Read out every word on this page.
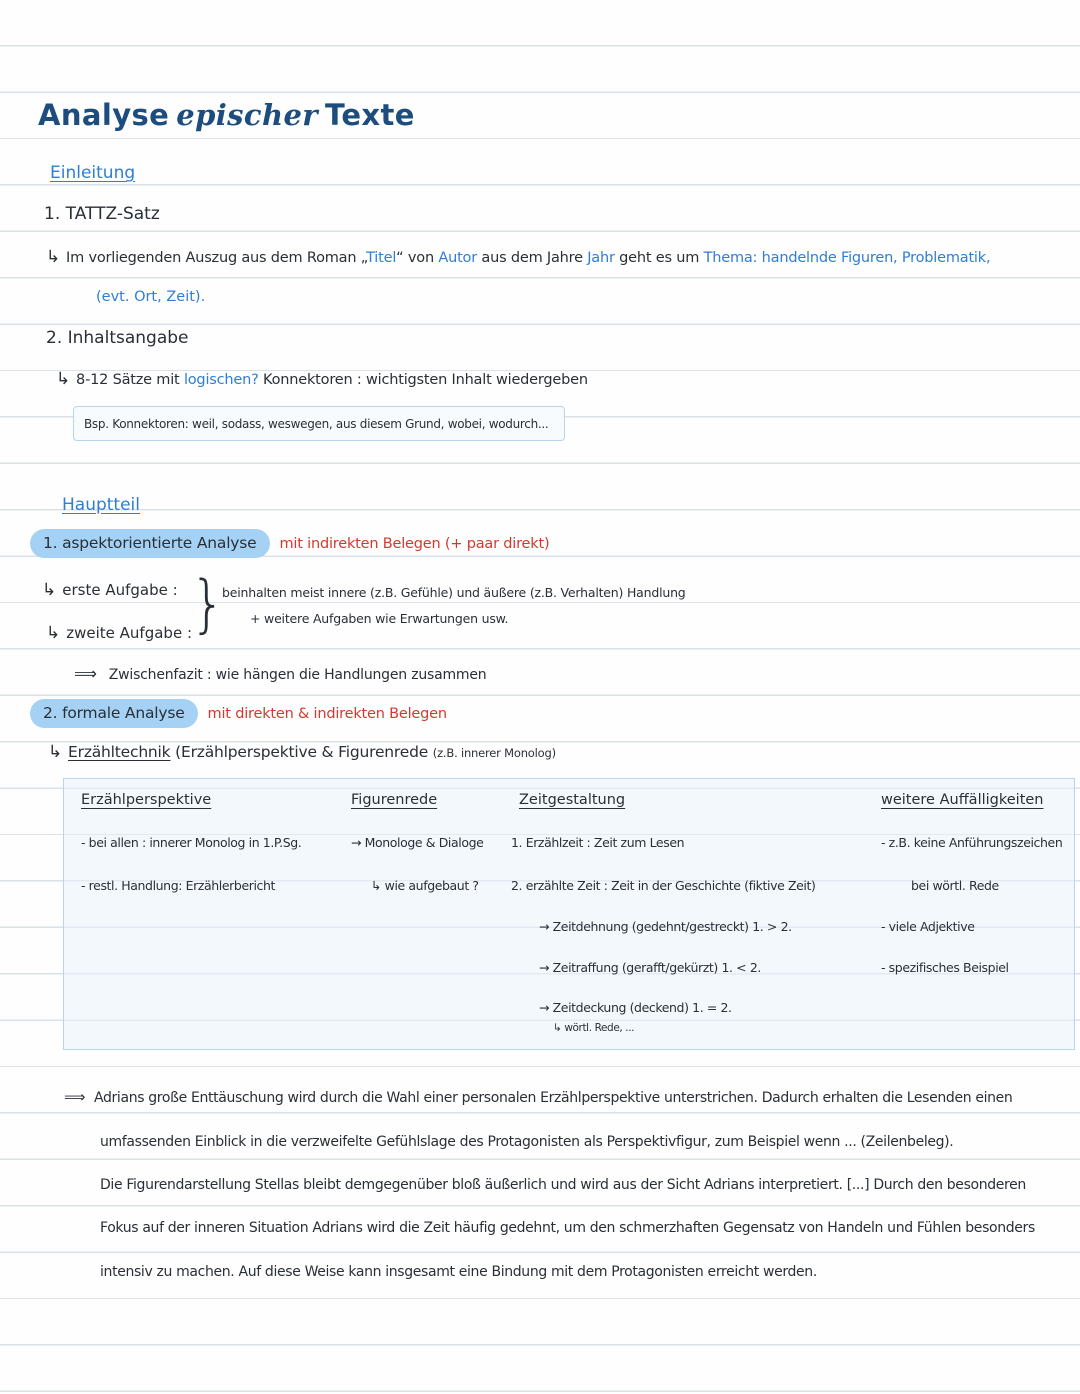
Analyse epischer Texte
Einleitung
1. TATTZ-Satz
↳ Im vorliegenden Auszug aus dem Roman „Titel“ von Autor aus dem Jahre Jahr geht es um Thema: handelnde Figuren, Problematik,
(evt. Ort, Zeit).
2. Inhaltsangabe
↳ 8-12 Sätze mit logischen? Konnektoren : wichtigsten Inhalt wiedergeben
Bsp. Konnektoren: weil, sodass, weswegen, aus diesem Grund, wobei, wodurch...
Hauptteil
1. aspektorientierte Analyse mit indirekten Belegen (+ paar direkt)
↳ erste Aufgabe :
↳ zweite Aufgabe :
}
beinhalten meist innere (z.B. Gefühle) und äußere (z.B. Verhalten) Handlung
+ weitere Aufgaben wie Erwartungen usw.
⟹ Zwischenfazit : wie hängen die Handlungen zusammen
2. formale Analyse mit direkten & indirekten Belegen
↳ Erzähltechnik (Erzählperspektive & Figurenrede (z.B. innerer Monolog)
Erzählperspektive
- bei allen : innerer Monolog in 1.P.Sg.
- restl. Handlung: Erzählerbericht
Figurenrede
→ Monologe & Dialoge
↳ wie aufgebaut ?
Zeitgestaltung
1. Erzählzeit : Zeit zum Lesen
2. erzählte Zeit : Zeit in der Geschichte (fiktive Zeit)
→ Zeitdehnung (gedehnt/gestreckt) 1. > 2.
→ Zeitraffung (gerafft/gekürzt) 1. < 2.
→ Zeitdeckung (deckend) 1. = 2.
↳ wörtl. Rede, ...
weitere Auffälligkeiten
- z.B. keine Anführungszeichen
bei wörtl. Rede
- viele Adjektive
- spezifisches Beispiel
⟹ Adrians große Enttäuschung wird durch die Wahl einer personalen Erzählperspektive unterstrichen. Dadurch erhalten die Lesenden einen
umfassenden Einblick in die verzweifelte Gefühlslage des Protagonisten als Perspektivfigur, zum Beispiel wenn ... (Zeilenbeleg).
Die Figurendarstellung Stellas bleibt demgegenüber bloß äußerlich und wird aus der Sicht Adrians interpretiert. [...] Durch den besonderen
Fokus auf der inneren Situation Adrians wird die Zeit häufig gedehnt, um den schmerzhaften Gegensatz von Handeln und Fühlen besonders
intensiv zu machen. Auf diese Weise kann insgesamt eine Bindung mit dem Protagonisten erreicht werden.
